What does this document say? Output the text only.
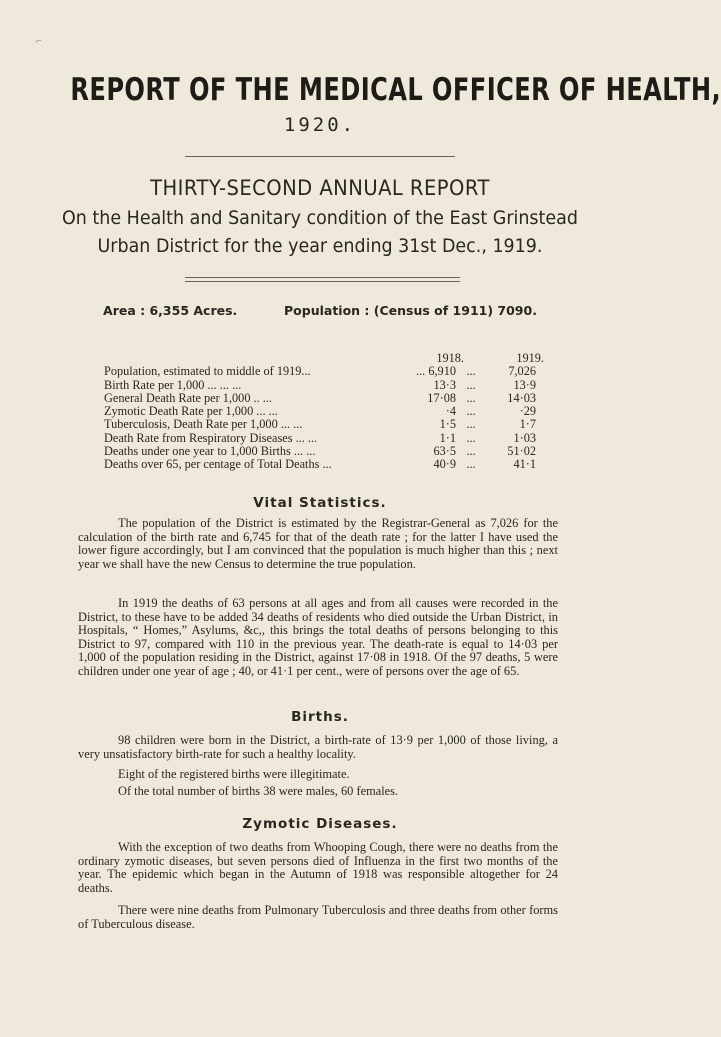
⌐
REPORT OF THE MEDICAL OFFICER OF HEALTH,
1920.
THIRTY-SECOND ANNUAL REPORT
On the Health and Sanitary condition of the East Grinstead
Urban District for the year ending 31st Dec., 1919.
Area : 6,355 Acres.	Population : (Census of 1911) 7090.
1918.	1919.
Population, estimated to middle of 1919...	... 6,910 ...	7,026
Birth Rate per 1,000 ... ... ...	13·3 ...	13·9
General Death Rate per 1,000 .. ...	17·08 ...	14·03
Zymotic Death Rate per 1,000 ... ...	·4 ...	·29
Tuberculosis, Death Rate per 1,000 ... ...	1·5 ...	1·7
Death Rate from Respiratory Diseases ... ...	1·1 ...	1·03
Deaths under one year to 1,000 Births ... ...	63·5 ...	51·02
Deaths over 65, per centage of Total Deaths ...	40·9 ...	41·1
Vital Statistics.

The population of the District is estimated by the Registrar-General as 7,026 for the calculation of the birth rate and 6,745 for that of the death rate ; for the latter I have used the lower figure accordingly, but I am convinced that the population is much higher than this ; next year we shall have the new Census to determine the true population.

In 1919 the deaths of 63 persons at all ages and from all causes were recorded in the District, to these have to be added 34 deaths of residents who died outside the Urban District, in Hospitals, “ Homes,” Asylums, &c,, this brings the total deaths of persons belonging to this District to 97, compared with 110 in the previous year. The death-rate is equal to 14·03 per 1,000 of the population residing in the District, against 17·08 in 1918. Of the 97 deaths, 5 were children under one year of age ; 40, or 41·1 per cent., were of persons over the age of 65.

Births.

98 children were born in the District, a birth-rate of 13·9 per 1,000 of those living, a very unsatisfactory birth-rate for such a healthy locality.

Eight of the registered births were illegitimate.
Of the total number of births 38 were males, 60 females.
Zymotic Diseases.

With the exception of two deaths from Whooping Cough, there were no deaths from the ordinary zymotic diseases, but seven persons died of Influenza in the first two months of the year. The epidemic which began in the Autumn of 1918 was responsible altogether for 24 deaths.

There were nine deaths from Pulmonary Tuberculosis and three deaths from other forms of Tuberculous disease.
